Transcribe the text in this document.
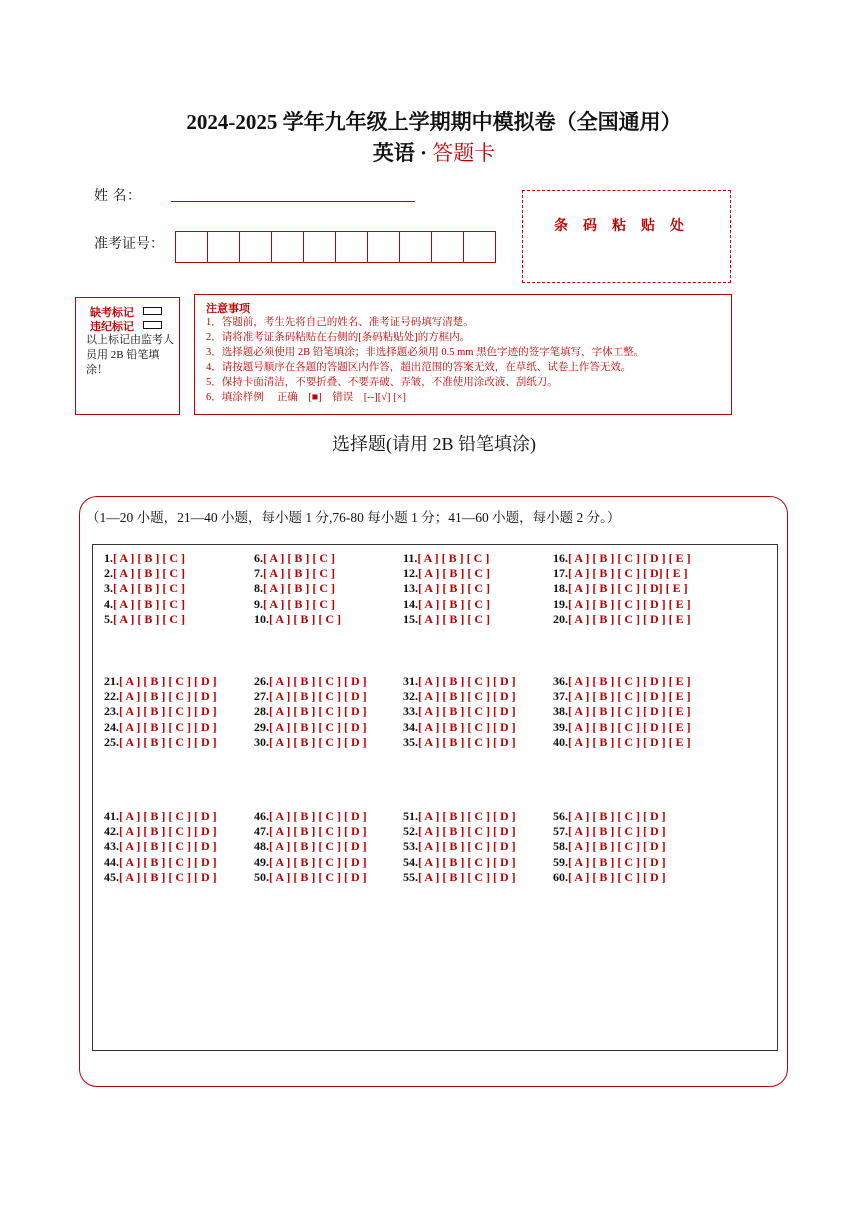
2024-2025 学年九年级上学期期中模拟卷（全国通用）
英语 · 答题卡
姓 名：
准考证号：
条码粘贴处
缺考标记
违纪标记
以上标记由监考人员用 2B 铅笔填涂！
注意事项
1．答题前，考生先将自己的姓名、准考证号码填写清楚。
2．请将准考证条码粘贴在右侧的[条码粘贴处]的方框内。
3．选择题必须使用 2B 铅笔填涂；非选择题必须用 0.5 mm 黑色字迹的签字笔填写，字体工整。
4．请按题号顺序在各题的答题区内作答，超出范围的答案无效，在草纸、试卷上作答无效。
5．保持卡面清洁，不要折叠、不要弄破、弄皱，不准使用涂改液、刮纸刀。
6．填涂样例　 正确　[■]　错误　[--][√] [×]
选择题(请用 2B 铅笔填涂)
（1—20 小题，21—40 小题，每小题 1 分,76-80 每小题 1 分；41—60 小题，每小题 2 分。）
1.[ A ] [ B ] [ C ]
2.[ A ] [ B ] [ C ]
3.[ A ] [ B ] [ C ]
4.[ A ] [ B ] [ C ]
5.[ A ] [ B ] [ C ]
6.[ A ] [ B ] [ C ]
7.[ A ] [ B ] [ C ]
8.[ A ] [ B ] [ C ]
9.[ A ] [ B ] [ C ]
10.[ A ] [ B ] [ C ]
11.[ A ] [ B ] [ C ]
12.[ A ] [ B ] [ C ]
13.[ A ] [ B ] [ C ]
14.[ A ] [ B ] [ C ]
15.[ A ] [ B ] [ C ]
16.[ A ] [ B ] [ C ] [ D ] [ E ]
17.[ A ] [ B ] [ C ] [ D] [ E ]
18.[ A ] [ B ] [ C ] [ D] [ E ]
19.[ A ] [ B ] [ C ] [ D ] [ E ]
20.[ A ] [ B ] [ C ] [ D ] [ E ]
21.[ A ] [ B ] [ C ] [ D ]
22.[ A ] [ B ] [ C ] [ D ]
23.[ A ] [ B ] [ C ] [ D ]
24.[ A ] [ B ] [ C ] [ D ]
25.[ A ] [ B ] [ C ] [ D ]
26.[ A ] [ B ] [ C ] [ D ]
27.[ A ] [ B ] [ C ] [ D ]
28.[ A ] [ B ] [ C ] [ D ]
29.[ A ] [ B ] [ C ] [ D ]
30.[ A ] [ B ] [ C ] [ D ]
31.[ A ] [ B ] [ C ] [ D ]
32.[ A ] [ B ] [ C ] [ D ]
33.[ A ] [ B ] [ C ] [ D ]
34.[ A ] [ B ] [ C ] [ D ]
35.[ A ] [ B ] [ C ] [ D ]
36.[ A ] [ B ] [ C ] [ D ] [ E ]
37.[ A ] [ B ] [ C ] [ D ] [ E ]
38.[ A ] [ B ] [ C ] [ D ] [ E ]
39.[ A ] [ B ] [ C ] [ D ] [ E ]
40.[ A ] [ B ] [ C ] [ D ] [ E ]
41.[ A ] [ B ] [ C ] [ D ]
42.[ A ] [ B ] [ C ] [ D ]
43.[ A ] [ B ] [ C ] [ D ]
44.[ A ] [ B ] [ C ] [ D ]
45.[ A ] [ B ] [ C ] [ D ]
46.[ A ] [ B ] [ C ] [ D ]
47.[ A ] [ B ] [ C ] [ D ]
48.[ A ] [ B ] [ C ] [ D ]
49.[ A ] [ B ] [ C ] [ D ]
50.[ A ] [ B ] [ C ] [ D ]
51.[ A ] [ B ] [ C ] [ D ]
52.[ A ] [ B ] [ C ] [ D ]
53.[ A ] [ B ] [ C ] [ D ]
54.[ A ] [ B ] [ C ] [ D ]
55.[ A ] [ B ] [ C ] [ D ]
56.[ A ] [ B ] [ C ] [ D ]
57.[ A ] [ B ] [ C ] [ D ]
58.[ A ] [ B ] [ C ] [ D ]
59.[ A ] [ B ] [ C ] [ D ]
60.[ A ] [ B ] [ C ] [ D ]
